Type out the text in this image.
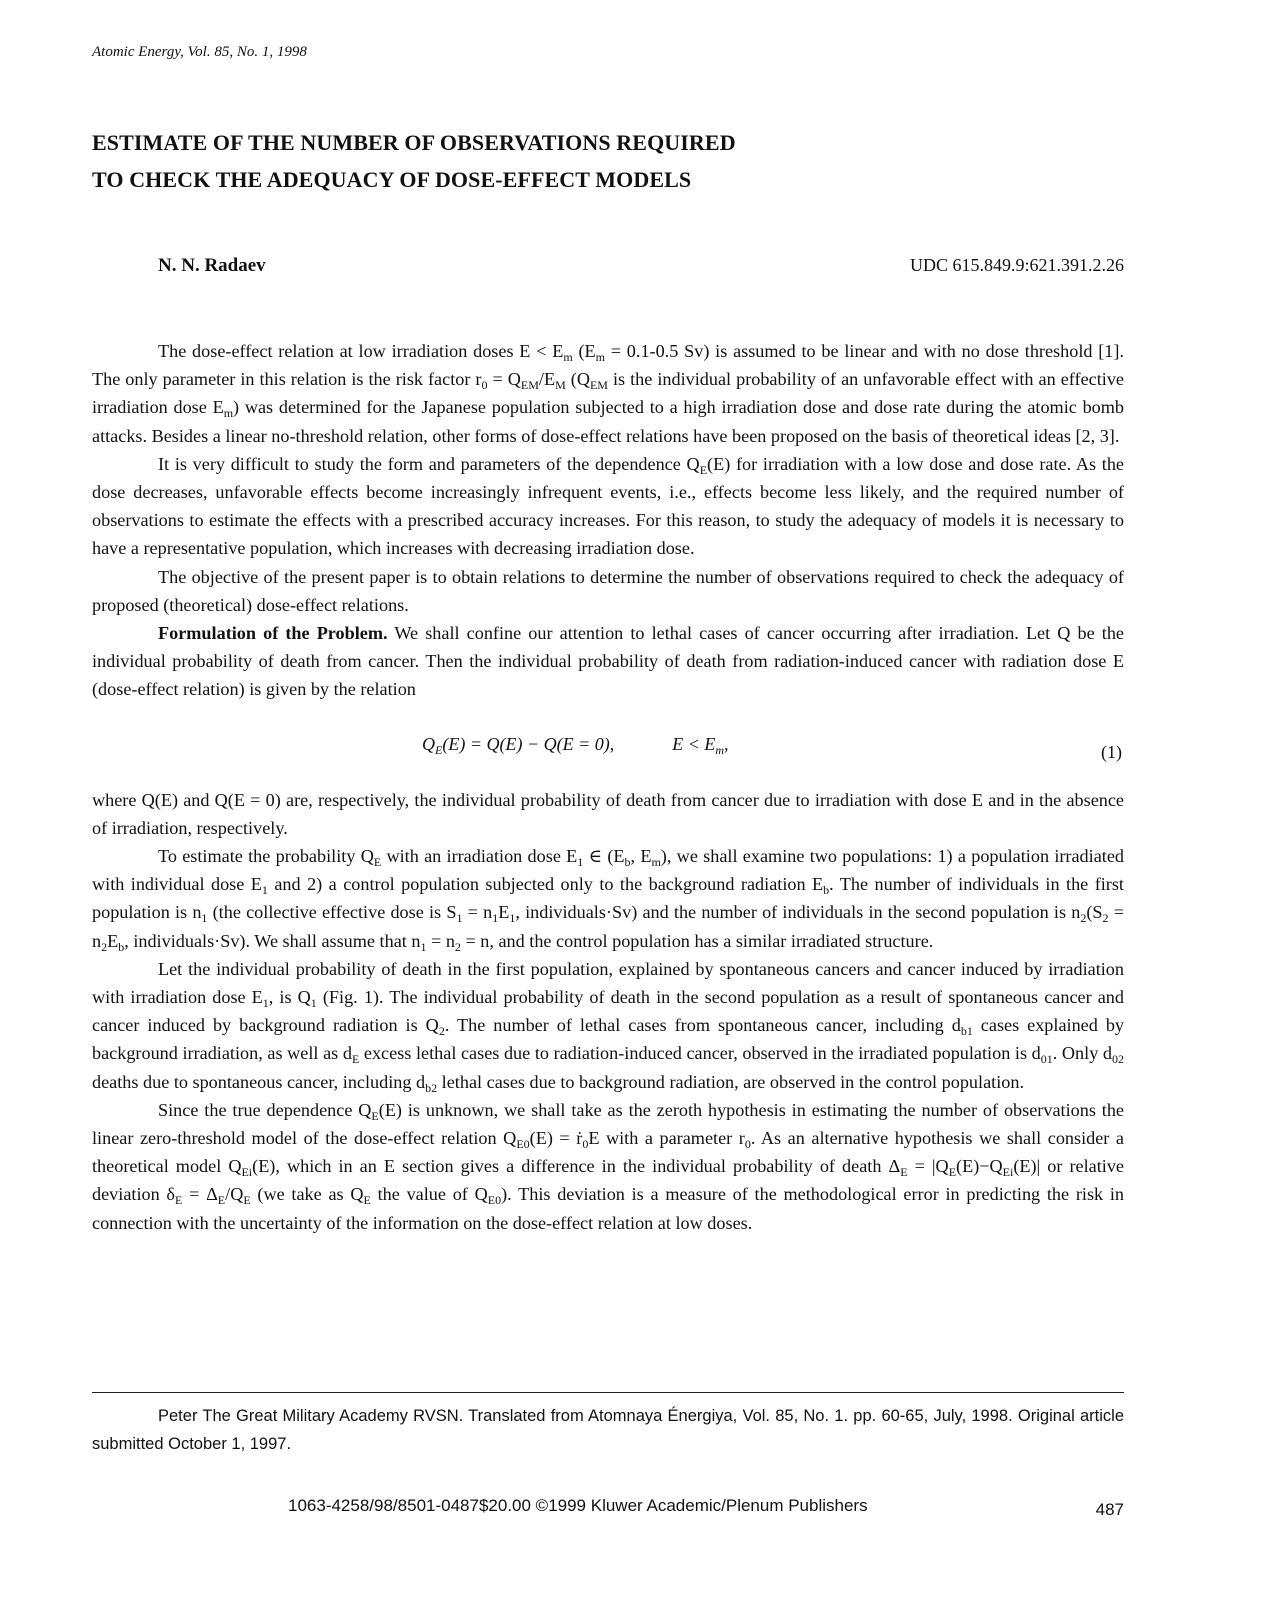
Atomic Energy, Vol. 85, No. 1, 1998
ESTIMATE OF THE NUMBER OF OBSERVATIONS REQUIRED
TO CHECK THE ADEQUACY OF DOSE-EFFECT MODELS
N. N. Radaev	UDC 615.849.9:621.391.2.26

The dose-effect relation at low irradiation doses $E < E_m$ ($E_m = 0.1-0.5$ Sv) is assumed to be linear and with no dose threshold [1]. The only parameter in this relation is the risk factor $r_0 = Q_{EM}/E_M$ ($Q_{EM}$ is the individual probability of an unfavorable effect with an effective irradiation dose $E_m$) was determined for the Japanese population subjected to a high irradiation dose and dose rate during the atomic bomb attacks. Besides a linear no-threshold relation, other forms of dose-effect relations have been proposed on the basis of theoretical ideas [2, 3].

It is very difficult to study the form and parameters of the dependence $Q_E(E)$ for irradiation with a low dose and dose rate. As the dose decreases, unfavorable effects become increasingly infrequent events, i.e., effects become less likely, and the required number of observations to estimate the effects with a prescribed accuracy increases. For this reason, to study the adequacy of models it is necessary to have a representative population, which increases with decreasing irradiation dose.

The objective of the present paper is to obtain relations to determine the number of observations required to check the adequacy of proposed (theoretical) dose-effect relations.

Formulation of the Problem. We shall confine our attention to lethal cases of cancer occurring after irradiation. Let Q be the individual probability of death from cancer. Then the individual probability of death from radiation-induced cancer with radiation dose E (dose-effect relation) is given by the relation

$Q_E(E) = Q(E) - Q(E = 0)$,	$E < E_m$,	(1)

where Q(E) and Q(E = 0) are, respectively, the individual probability of death from cancer due to irradiation with dose E and in the absence of irradiation, respectively.

To estimate the probability $Q_E$ with an irradiation dose $E_1$ ∈ ($E_b$, $E_m$), we shall examine two populations: 1) a population irradiated with individual dose $E_1$ and 2) a control population subjected only to the background radiation $E_b$. The number of individuals in the first population is $n_1$ (the collective effective dose is $S_1 = n_1E_1$, individuals·Sv) and the number of individuals in the second population is $n_2(S_2 = n_2E_b$, individuals·Sv). We shall assume that $n_1 = n_2 = n$, and the control population has a similar irradiated structure.

Let the individual probability of death in the first population, explained by spontaneous cancers and cancer induced by irradiation with irradiation dose $E_1$, is $Q_1$ (Fig. 1). The individual probability of death in the second population as a result of spontaneous cancer and cancer induced by background radiation is $Q_2$. The number of lethal cases from spontaneous cancer, including $d_{b1}$ cases explained by background irradiation, as well as $d_E$ excess lethal cases due to radiation-induced cancer, observed in the irradiated population is $d_{01}$. Only $d_{02}$ deaths due to spontaneous cancer, including $d_{b2}$ lethal cases due to background radiation, are observed in the control population.

Since the true dependence $Q_E(E)$ is unknown, we shall take as the zeroth hypothesis in estimating the number of observations the linear zero-threshold model of the dose-effect relation $Q_{E0}(E)$ = ṙ$_0$E with a parameter $r_0$. As an alternative hypothesis we shall consider a theoretical model $Q_{Ei}(E)$, which in an E section gives a difference in the individual probability of death $\Delta_E = |Q_E(E)-Q_{Ei}(E)|$ or relative deviation $\delta_E = \Delta_E/Q_E$ (we take as $Q_E$ the value of $Q_{E0}$). This deviation is a measure of the methodological error in predicting the risk in connection with the uncertainty of the information on the dose-effect relation at low doses.

Peter The Great Military Academy RVSN. Translated from Atomnaya Énergiya, Vol. 85, No. 1. pp. 60-65, July, 1998. Original article submitted October 1, 1997.

1063-4258/98/8501-0487$20.00 ©1999 Kluwer Academic/Plenum Publishers	487
